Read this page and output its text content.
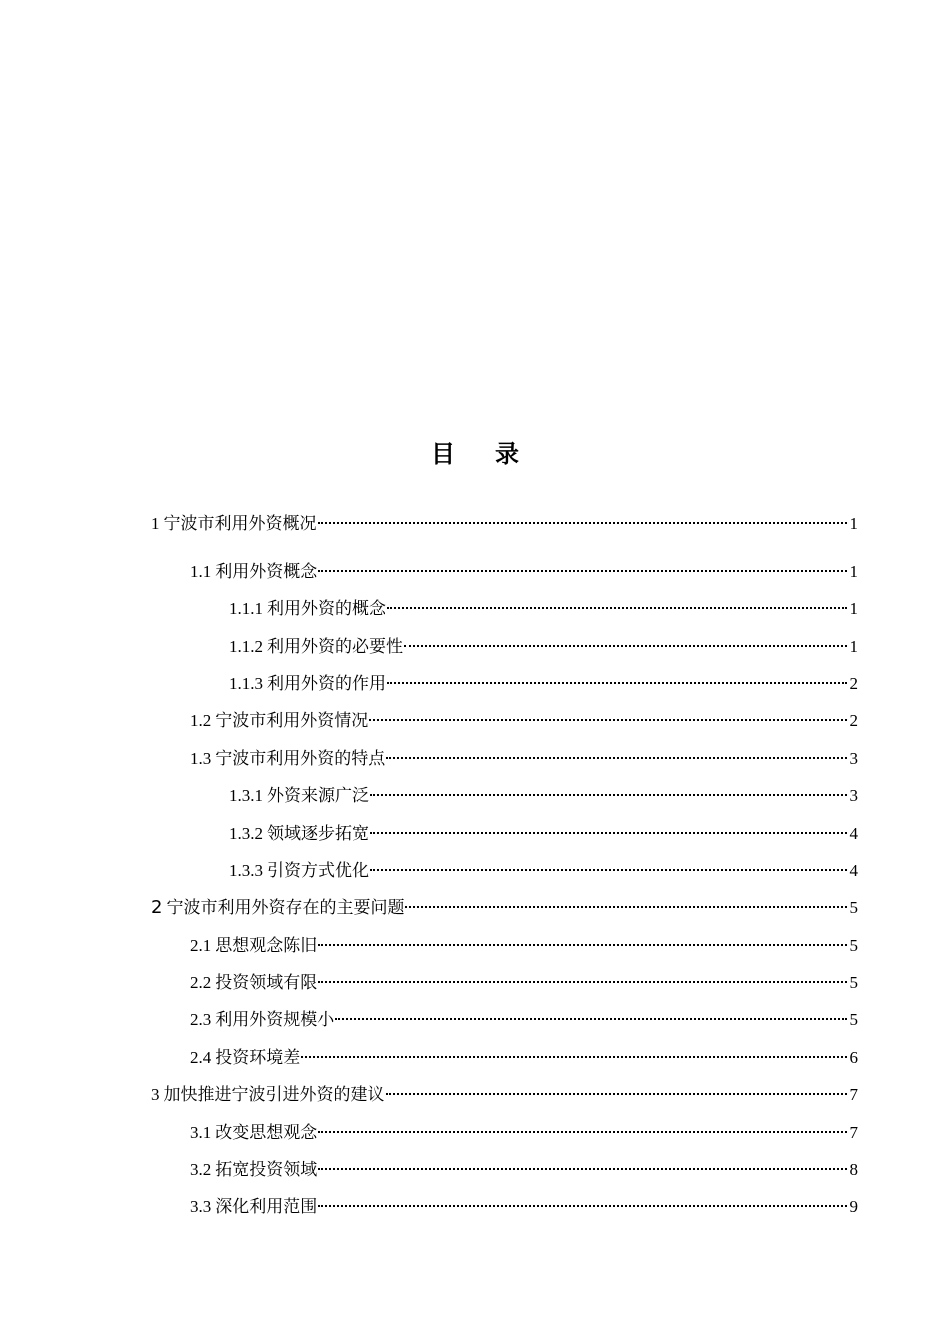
目 录
1 宁波市利用外资概况	1
1.1 利用外资概念	1
1.1.1 利用外资的概念	1
1.1.2 利用外资的必要性	1
1.1.3 利用外资的作用	2
1.2 宁波市利用外资情况	2
1.3 宁波市利用外资的特点	3
1.3.1 外资来源广泛	3
1.3.2 领域逐步拓宽	4
1.3.3 引资方式优化	4
2 宁波市利用外资存在的主要问题	5
2.1 思想观念陈旧	5
2.2 投资领域有限	5
2.3 利用外资规模小	5
2.4 投资环境差	6
3 加快推进宁波引进外资的建议	7
3.1 改变思想观念	7
3.2 拓宽投资领域	8
3.3 深化利用范围	9
